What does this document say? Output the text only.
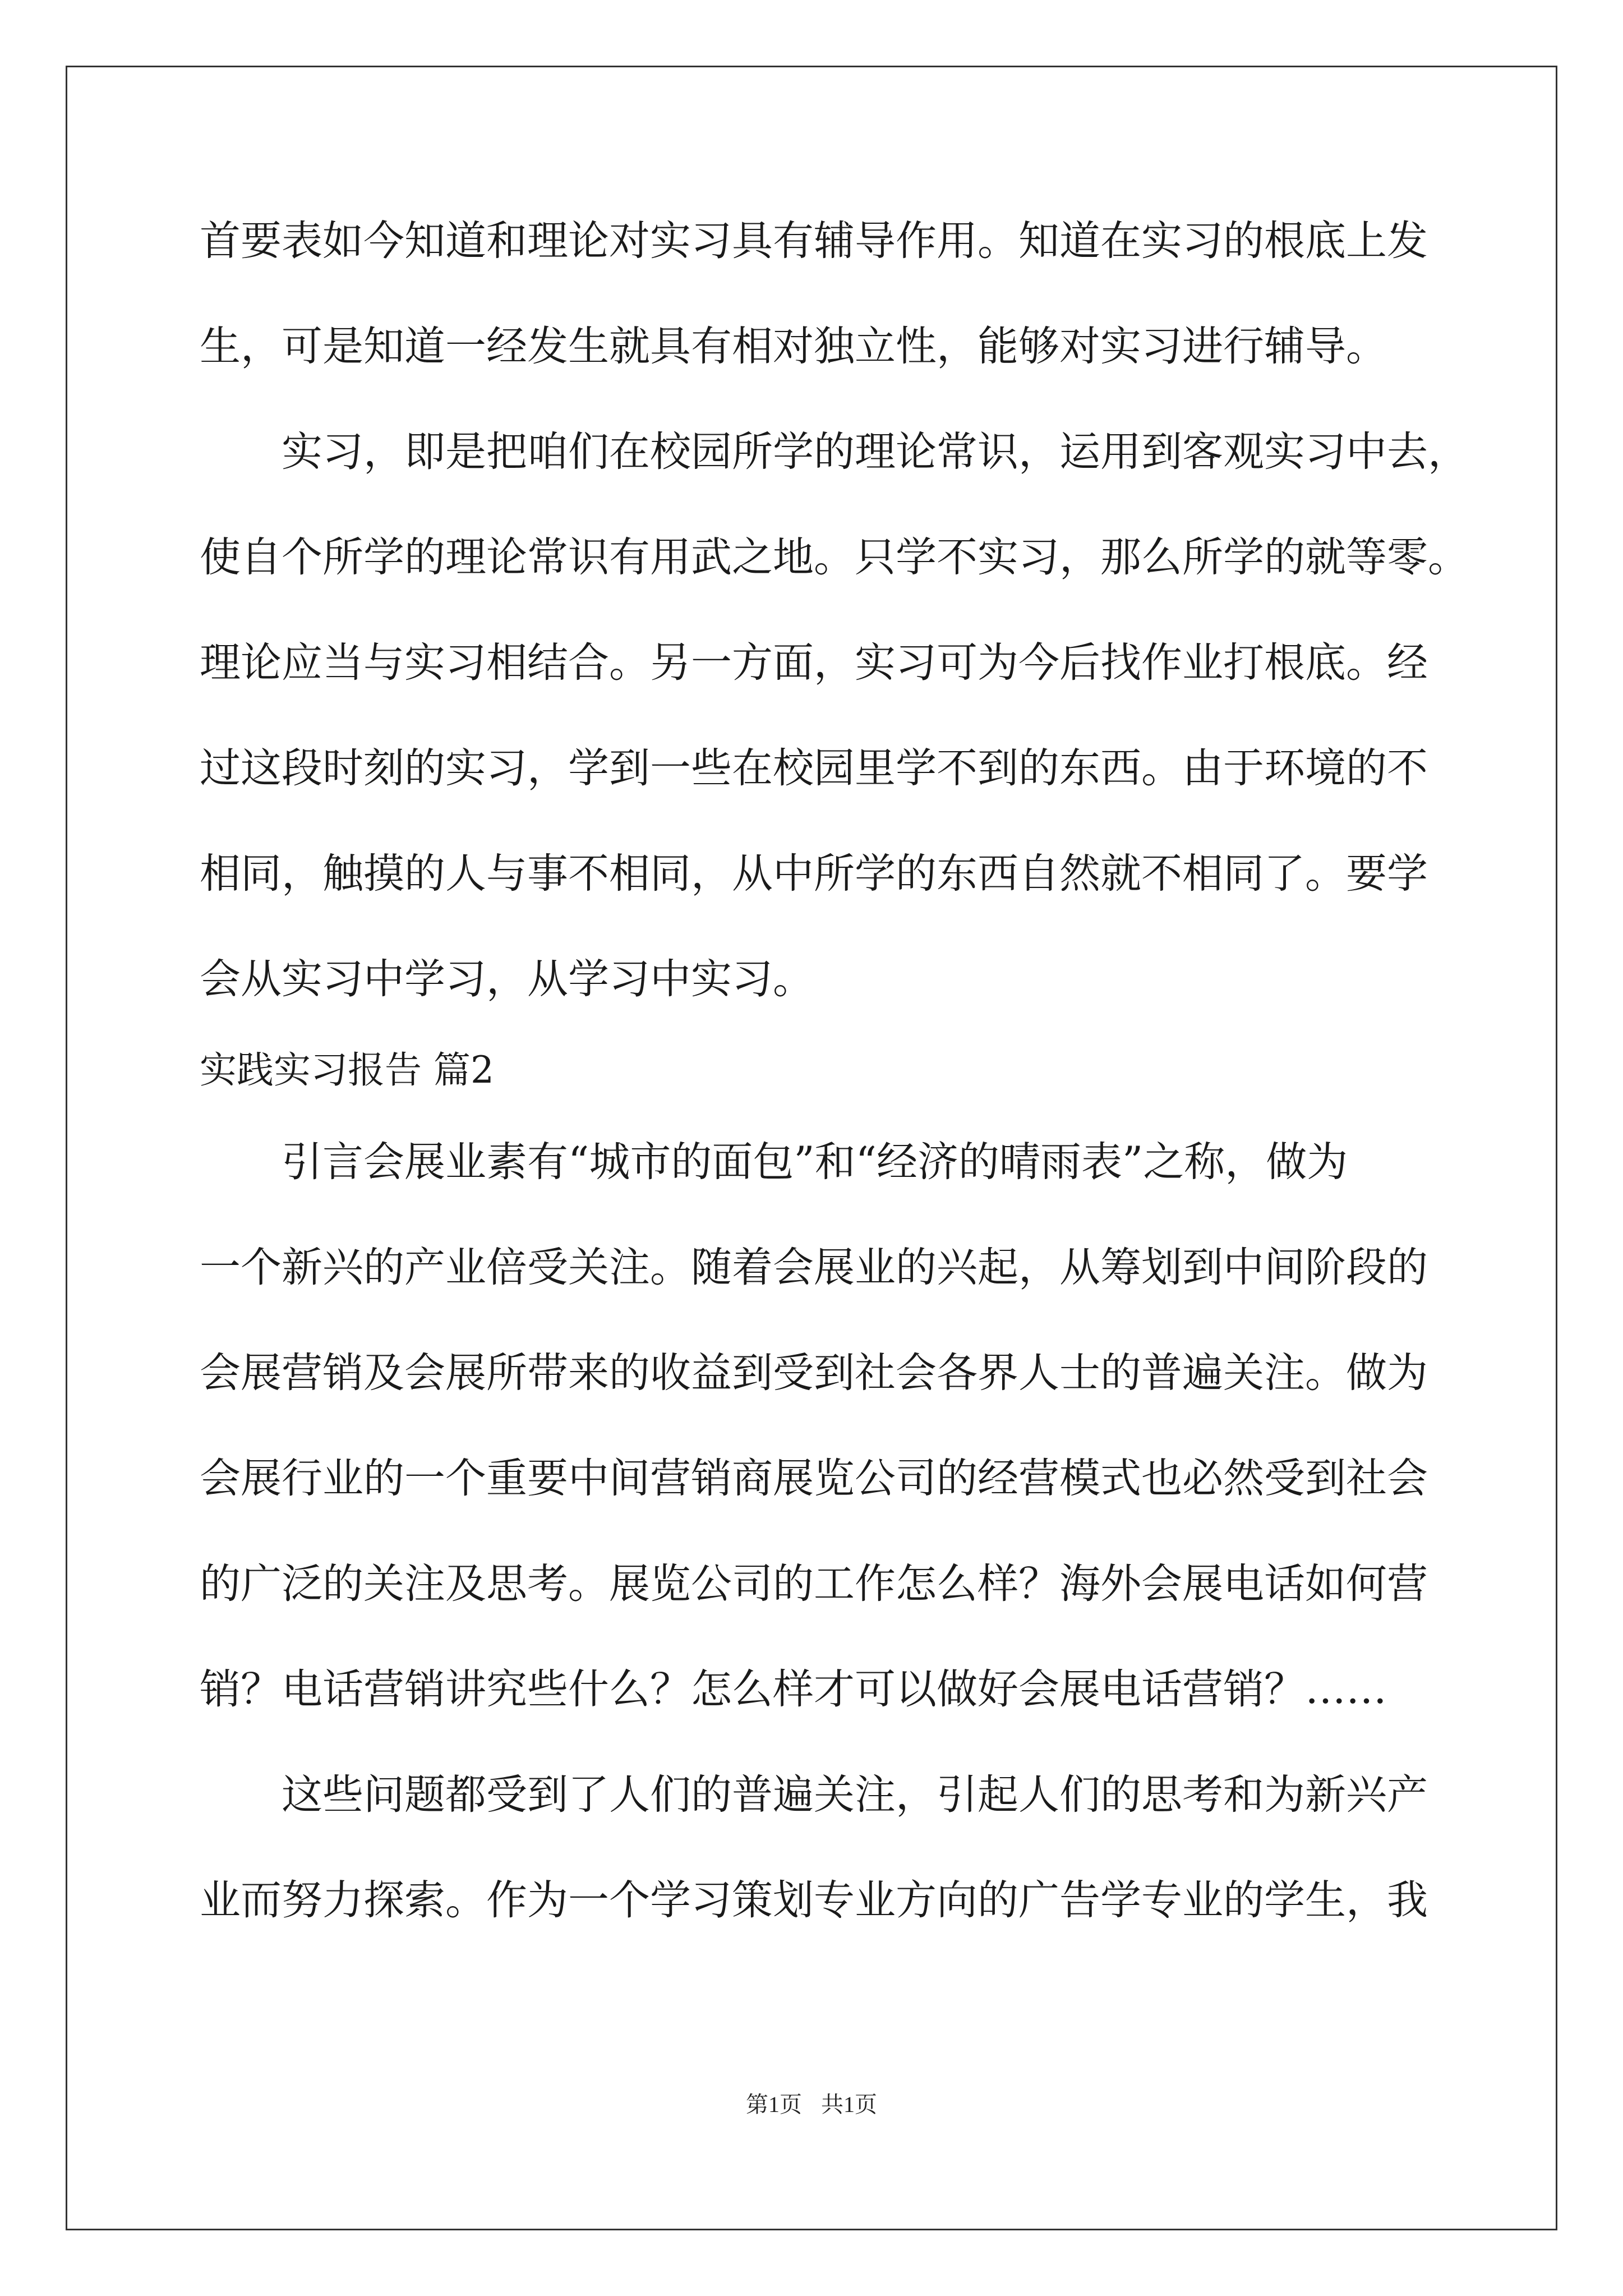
首要表如今知道和理论对实习具有辅导作用。知道在实习的根底上发
生，可是知道一经发生就具有相对独立性，能够对实习进行辅导。
实习，即是把咱们在校园所学的理论常识，运用到客观实习中去，
使自个所学的理论常识有用武之地。只学不实习，那么所学的就等零。
理论应当与实习相结合。另一方面，实习可为今后找作业打根底。经
过这段时刻的实习，学到一些在校园里学不到的东西。由于环境的不
相同，触摸的人与事不相同，从中所学的东西自然就不相同了。要学
会从实习中学习，从学习中实习。
实践实习报告 篇2
引言会展业素有“城市的面包”和“经济的晴雨表”之称，做为
一个新兴的产业倍受关注。随着会展业的兴起，从筹划到中间阶段的
会展营销及会展所带来的收益到受到社会各界人士的普遍关注。做为
会展行业的一个重要中间营销商展览公司的经营模式也必然受到社会
的广泛的关注及思考。展览公司的工作怎么样？海外会展电话如何营
销？电话营销讲究些什么？怎么样才可以做好会展电话营销？……
这些问题都受到了人们的普遍关注，引起人们的思考和为新兴产
业而努力探索。作为一个学习策划专业方向的广告学专业的学生，我
第1页 共1页
